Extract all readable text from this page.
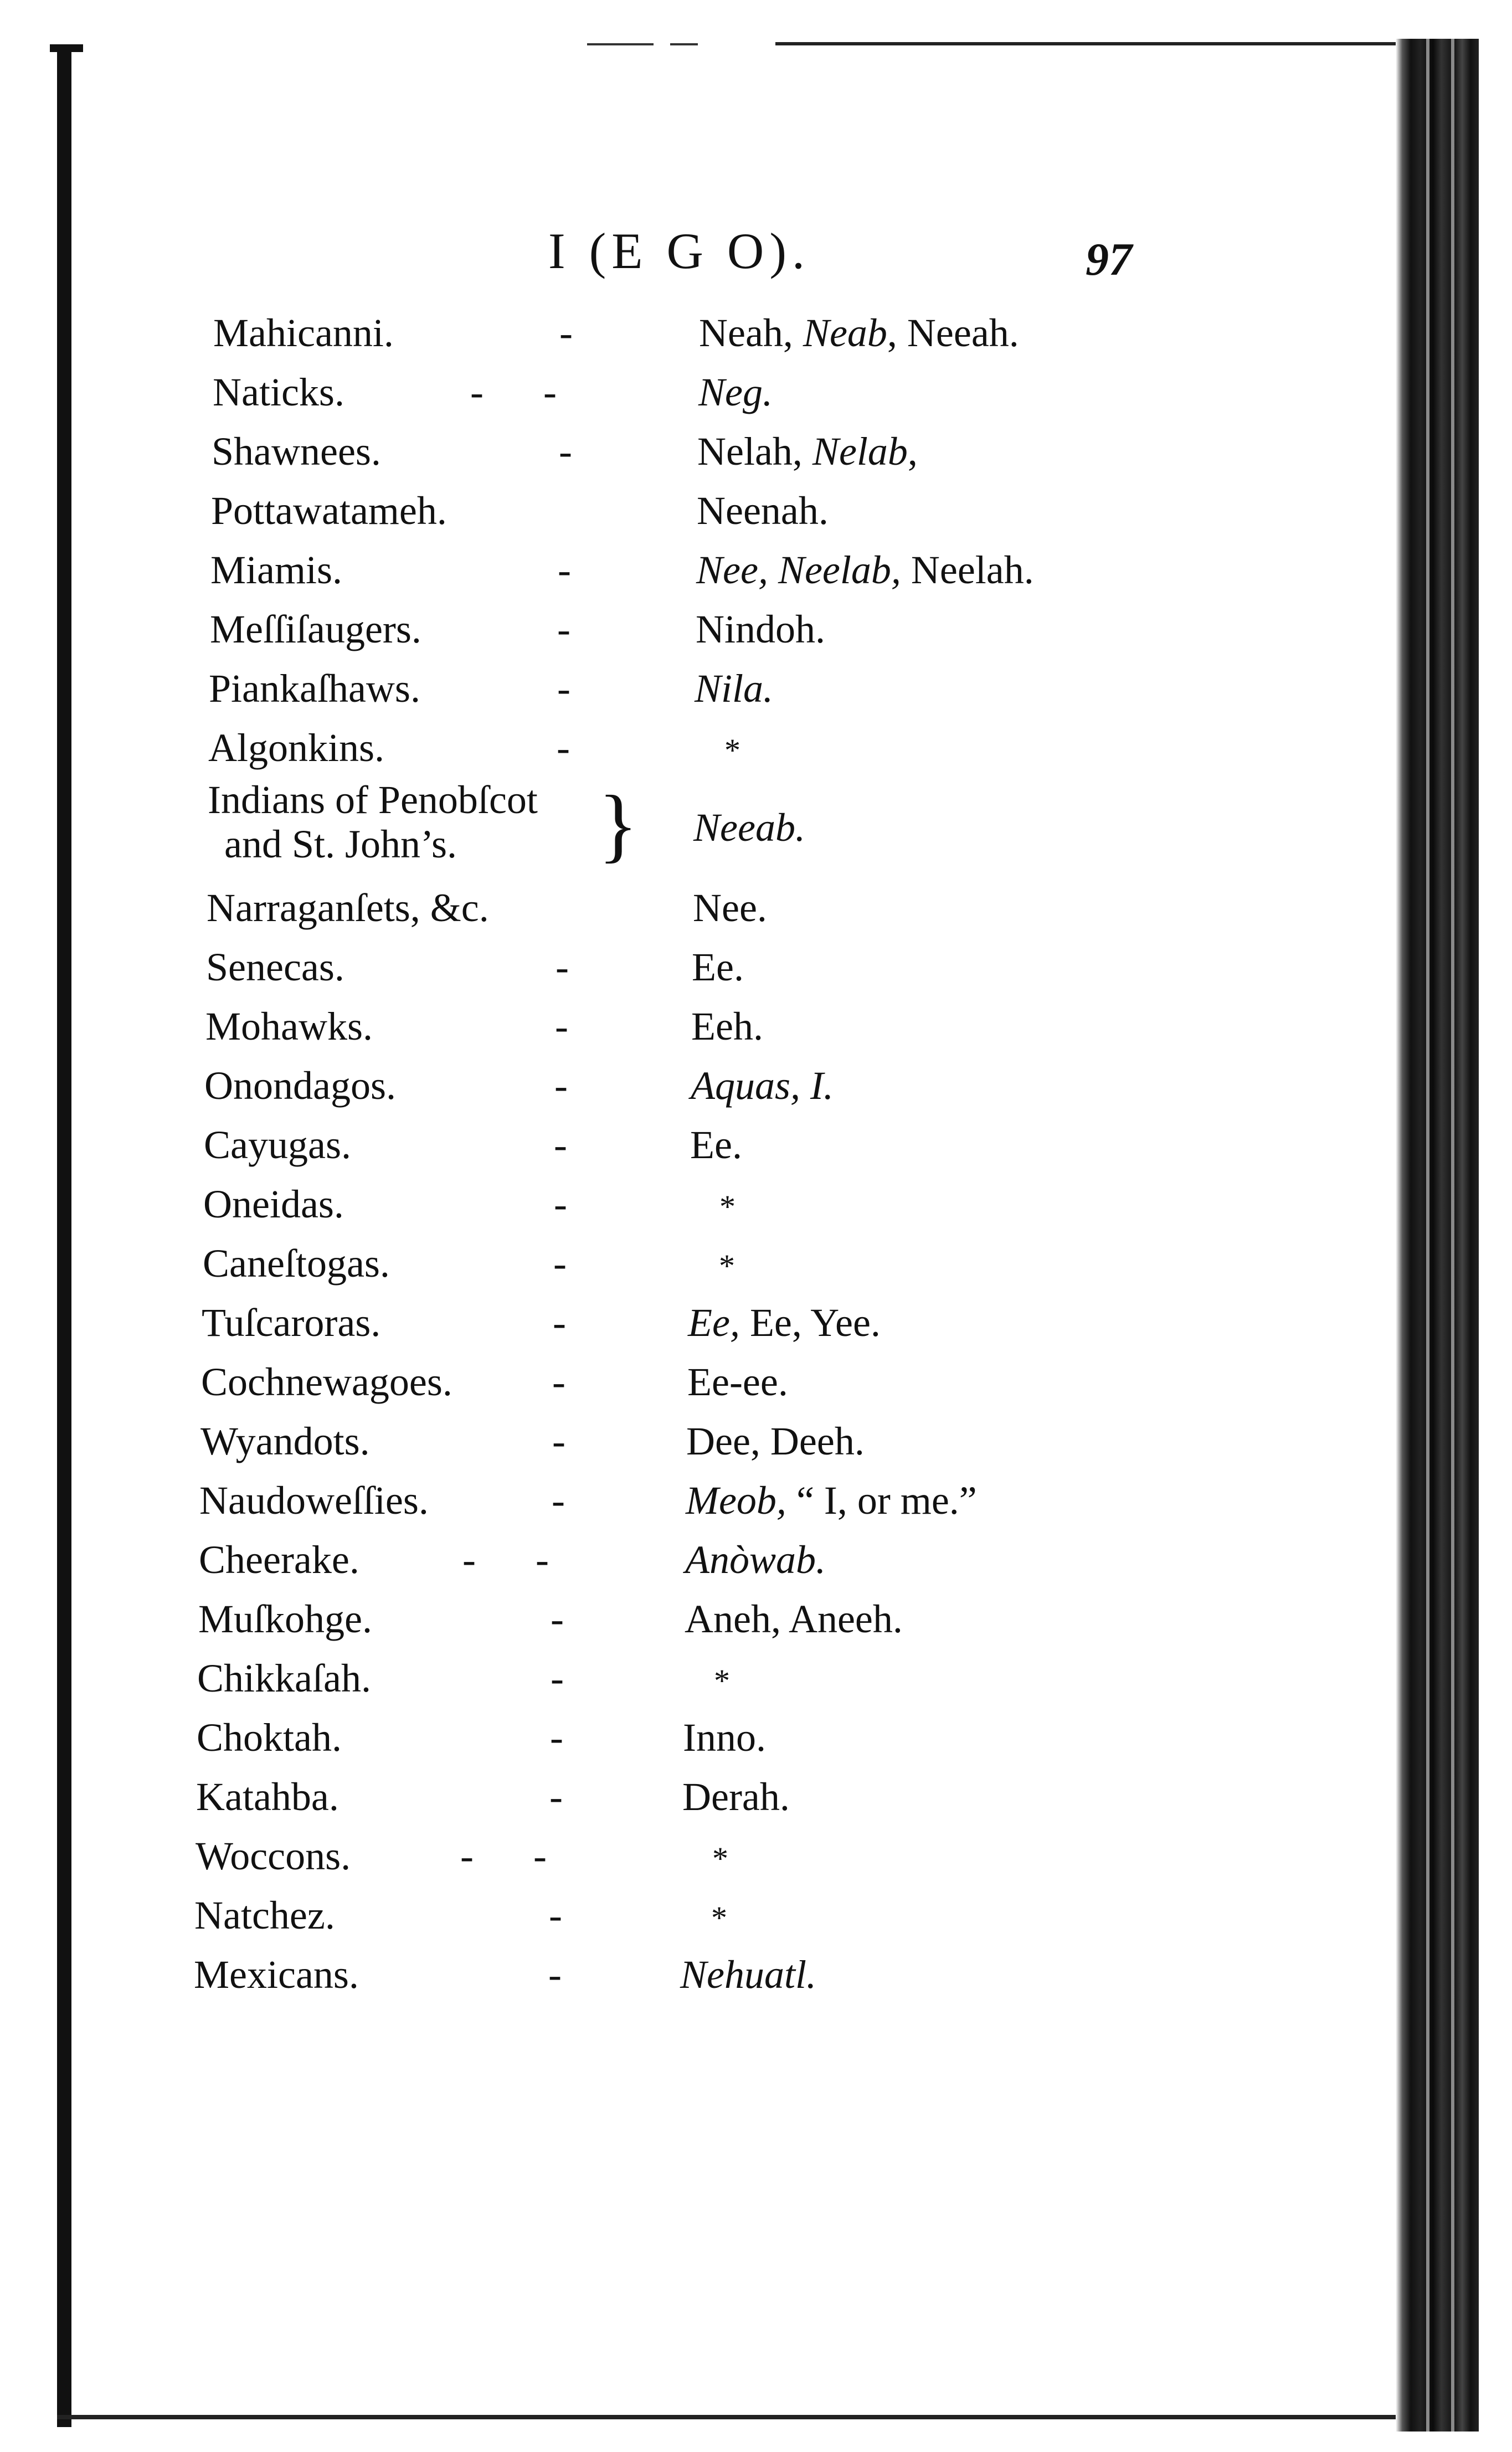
I (E G O).	97
Mahicanni.	-	Neah, Neab, Neeah.
Naticks.	-      -	Neg.
Shawnees.	-	Nelah, Nelab,
Pottawatameh.	Neenah.
Miamis.	-	Nee, Neelab, Neelah.
Meſſiſaugers.	-	Nindoh.
Piankaſhaws.	-	Nila.
Algonkins.	-	*
Indians of Penobſcot
and St. John’s.	} Neeab.
Narraganſets, &c.	Nee.
Senecas.	-	Ee.
Mohawks.	-	Eeh.
Onondagos.	-	Aquas, I.
Cayugas.	-	Ee.
Oneidas.	-	*
Caneſtogas.	-	*
Tuſcaroras.	-	Ee, Ee, Yee.
Cochnewagoes.	-	Ee-ee.
Wyandots.	-	Dee, Deeh.
Naudoweſſies.	-	Meob, “ I, or me.”
Cheerake.	-      -	Anòwab.
Muſkohge.	-	Aneh, Aneeh.
Chikkaſah.	-	*
Choktah.	-	Inno.
Katahba.	-	Derah.
Woccons.	-      -	*
Natchez.	-	*
Mexicans.	-	Nehuatl.
